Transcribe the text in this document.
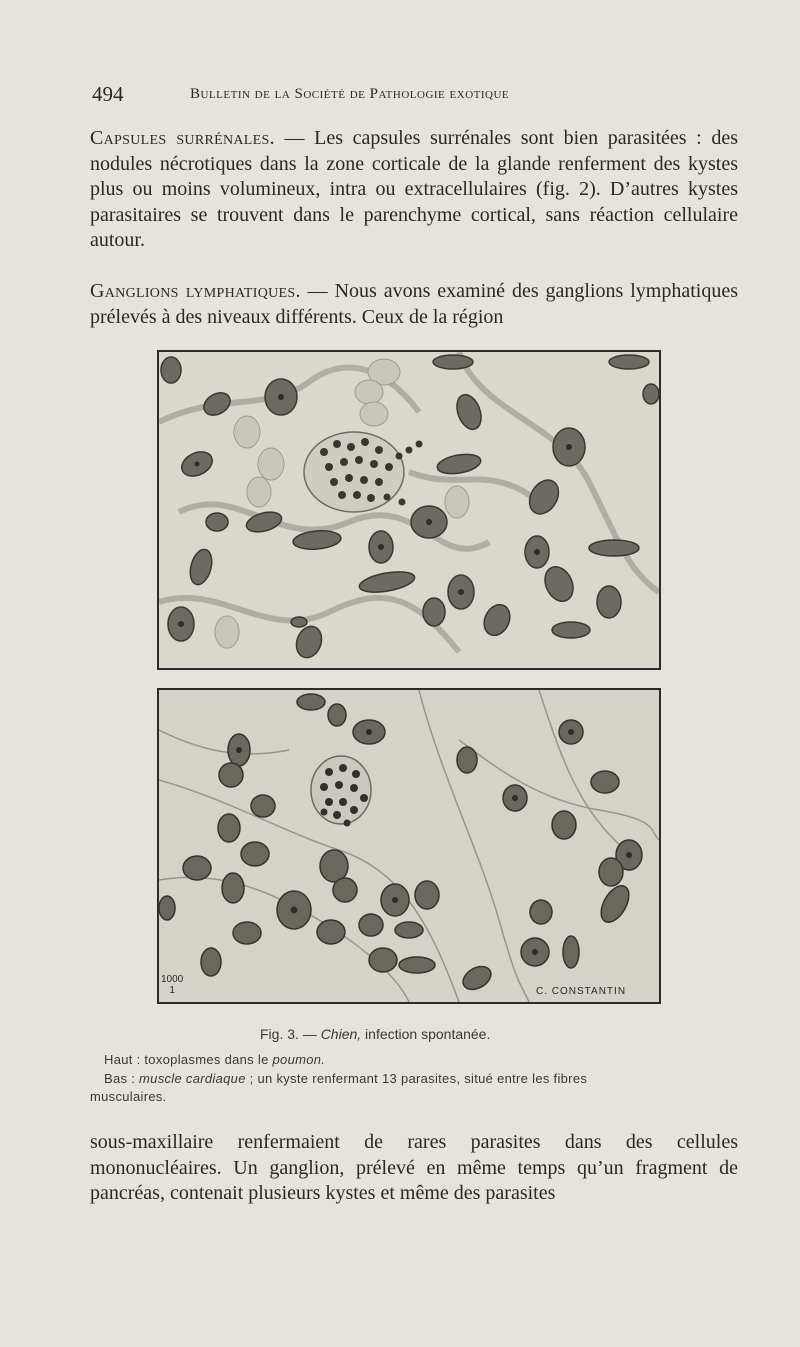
494	Bulletin de la Société de Pathologie exotique

Capsules surrénales. — Les capsules surrénales sont bien parasitées : des nodules nécrotiques dans la zone corticale de la glande renferment des kystes plus ou moins volumineux, intra ou extracellulaires (fig. 2). D’autres kystes parasitaires se trouvent dans le parenchyme cortical, sans réaction cellulaire autour.

Ganglions lymphatiques. — Nous avons examiné des ganglions lymphatiques prélevés à des niveaux différents. Ceux de la région

1000
1	C. CONSTANTIN
Fig. 3. — Chien, infection spontanée.
Haut : toxoplasmes dans le poumon.
Bas : muscle cardiaque ; un kyste renfermant 13 parasites, situé entre les fibres
musculaires.

sous-maxillaire renfermaient de rares parasites dans des cellules mononucléaires. Un ganglion, prélevé en même temps qu’un fragment de pancréas, contenait plusieurs kystes et même des parasites
